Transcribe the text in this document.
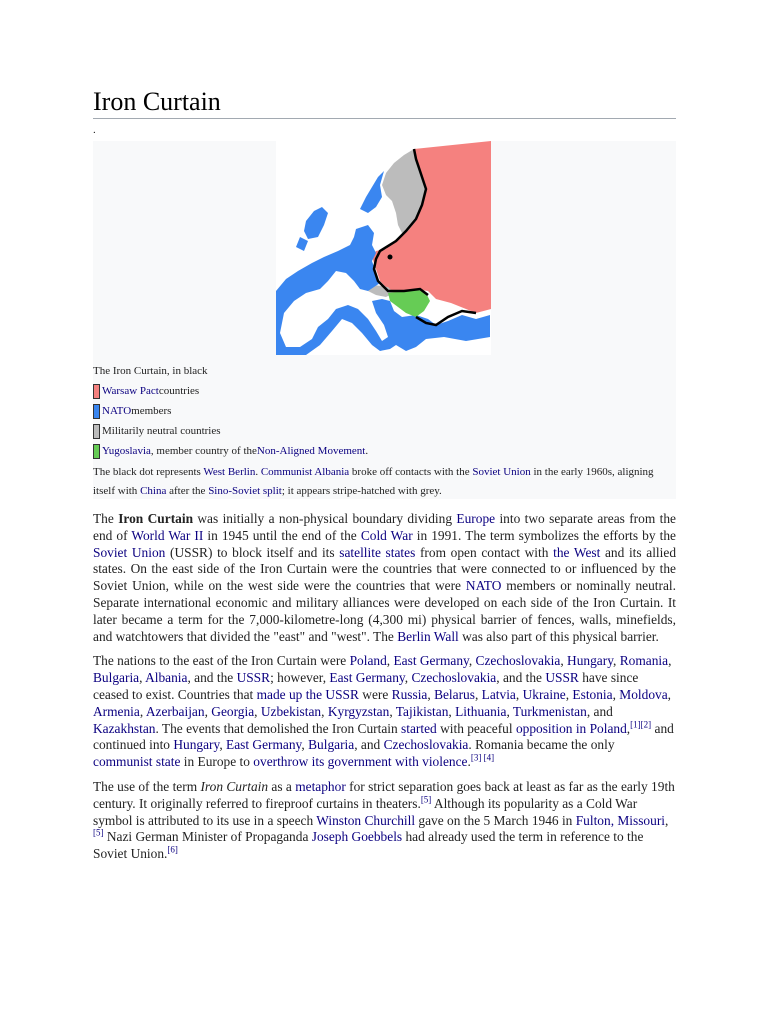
Iron Curtain
.
The Iron Curtain, in black
Warsaw Pact countries
NATO members
Militarily neutral countries
Yugoslavia , member country of the Non-Aligned Movement .
The black dot represents West Berlin. Communist Albania broke off contacts with the Soviet Union in the early 1960s, aligning itself with China after the Sino-Soviet split; it appears stripe-hatched with grey.

The Iron Curtain was initially a non-physical boundary dividing Europe into two separate areas from the end of World War II in 1945 until the end of the Cold War in 1991. The term symbolizes the efforts by the Soviet Union (USSR) to block itself and its satellite states from open contact with the West and its allied states. On the east side of the Iron Curtain were the countries that were connected to or influenced by the Soviet Union, while on the west side were the countries that were NATO members or nominally neutral. Separate international economic and military alliances were developed on each side of the Iron Curtain. It later became a term for the 7,000-kilometre-long (4,300 mi) physical barrier of fences, walls, minefields, and watchtowers that divided the "east" and "west". The Berlin Wall was also part of this physical barrier.

The nations to the east of the Iron Curtain were Poland, East Germany, Czechoslovakia, Hungary, Romania, Bulgaria, Albania, and the USSR; however, East Germany, Czechoslovakia, and the USSR have since ceased to exist. Countries that made up the USSR were Russia, Belarus, Latvia, Ukraine, Estonia, Moldova, Armenia, Azerbaijan, Georgia, Uzbekistan, Kyrgyzstan, Tajikistan, Lithuania, Turkmenistan, and Kazakhstan. The events that demolished the Iron Curtain started with peaceful opposition in Poland,[1][2] and continued into Hungary, East Germany, Bulgaria, and Czechoslovakia. Romania became the only communist state in Europe to overthrow its government with violence.[3] [4]

The use of the term Iron Curtain as a metaphor for strict separation goes back at least as far as the early 19th century. It originally referred to fireproof curtains in theaters.[5] Although its popularity as a Cold War symbol is attributed to its use in a speech Winston Churchill gave on the 5 March 1946 in Fulton, Missouri,[5] Nazi German Minister of Propaganda Joseph Goebbels had already used the term in reference to the Soviet Union.[6]
